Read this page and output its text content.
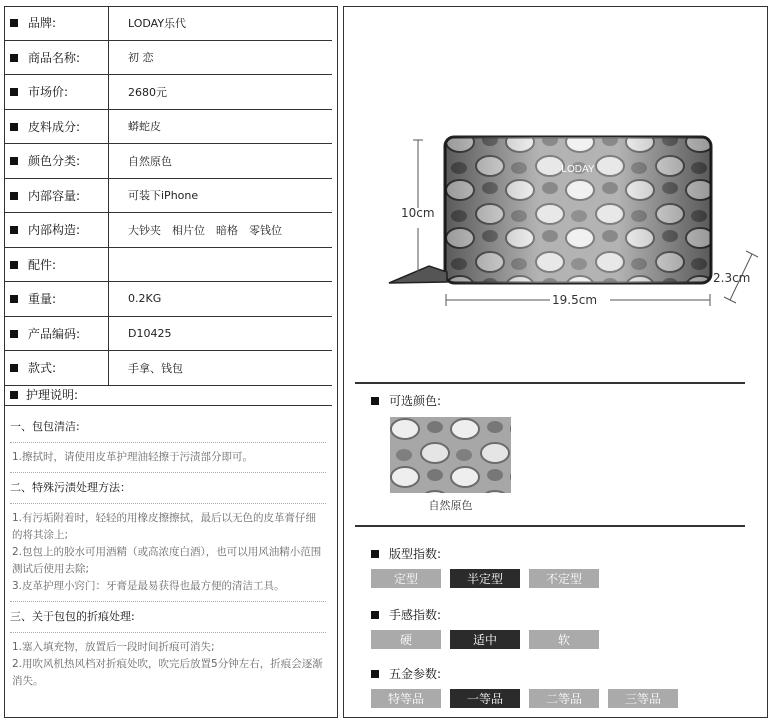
品牌:	LODAY乐代
商品名称:	初 恋
市场价:	2680元
皮料成分:	蟒蛇皮
颜色分类:	自然原色
内部容量:	可装下iPhone
内部构造:	大钞夹　相片位　暗格　零钱位
配件:
重量:	0.2KG
产品编码:	D10425
款式:	手拿、钱包
护理说明:
一、包包清洁:
1.擦拭时，请使用皮革护理油轻擦于污渍部分即可。
二、特殊污渍处理方法：
1.有污垢附着时，轻轻的用橡皮擦擦拭，最后以无色的皮革膏仔细的将其涂上;
2.包包上的胶水可用酒精（或高浓度白酒），也可以用风油精小范围测试后使用去除;
3.皮革护理小窍门：牙膏是最易获得也最方便的清洁工具。
三、关于包包的折痕处理:
1.塞入填充物，放置后一段时间折痕可消失;
2.用吹风机热风档对折痕处吹，吹完后放置5分钟左右，折痕会逐渐消失。
LODAY
10cm
19.5cm
2.3cm
可选颜色:
自然原色
版型指数:
定型	半定型	不定型
手感指数:
硬	适中	软
五金参数:
特等品	一等品	二等品	三等品
